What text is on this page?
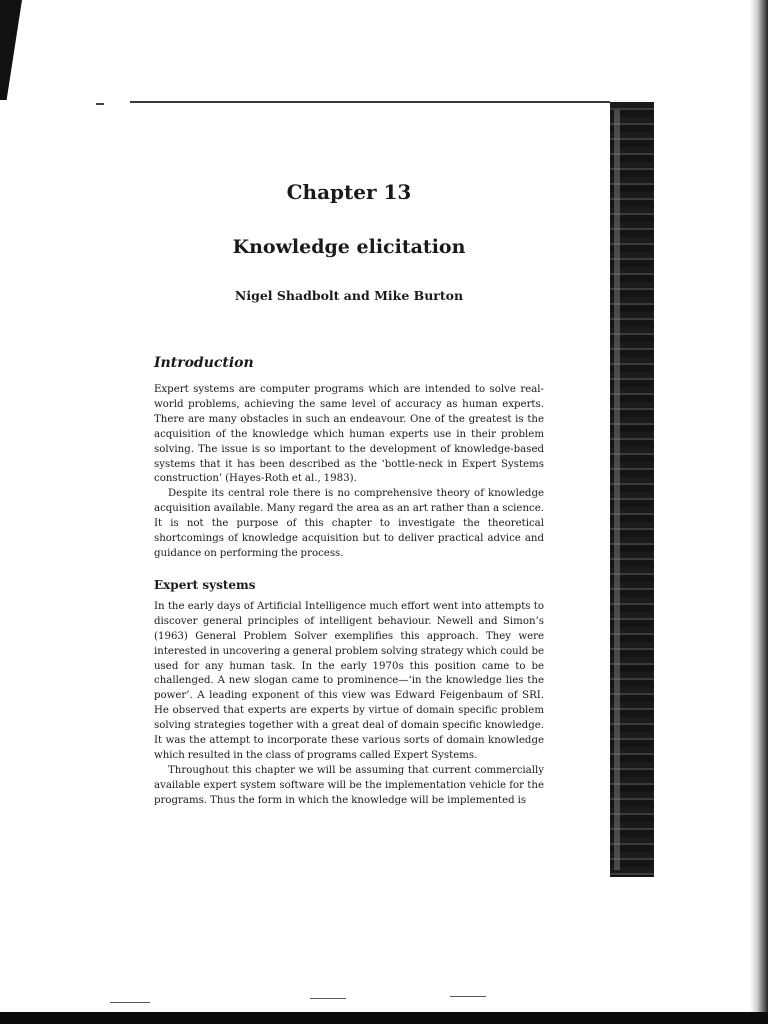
Chapter 13
Knowledge elicitation
Nigel Shadbolt and Mike Burton
Introduction

Expert systems are computer programs which are intended to solve real-world problems, achieving the same level of accuracy as human experts. There are many obstacles in such an endeavour. One of the greatest is the acquisition of the knowledge which human experts use in their problem solving. The issue is so important to the development of knowledge-based systems that it has been described as the ‘bottle-neck in Expert Systems construction’ (Hayes-Roth et al., 1983).

Despite its central role there is no comprehensive theory of knowledge acquisition available. Many regard the area as an art rather than a science. It is not the purpose of this chapter to investigate the theoretical shortcomings of knowledge acquisition but to deliver practical advice and guidance on performing the process.

Expert systems

In the early days of Artificial Intelligence much effort went into attempts to discover general principles of intelligent behaviour. Newell and Simon’s (1963) General Problem Solver exemplifies this approach. They were interested in uncovering a general problem solving strategy which could be used for any human task. In the early 1970s this position came to be challenged. A new slogan came to prominence—‘in the knowledge lies the power’. A leading exponent of this view was Edward Feigenbaum of SRI. He observed that experts are experts by virtue of domain specific problem solving strategies together with a great deal of domain specific knowledge. It was the attempt to incorporate these various sorts of domain knowledge which resulted in the class of programs called Expert Systems.

Throughout this chapter we will be assuming that current commercially available expert system software will be the implementation vehicle for the programs. Thus the form in which the knowledge will be implemented is
